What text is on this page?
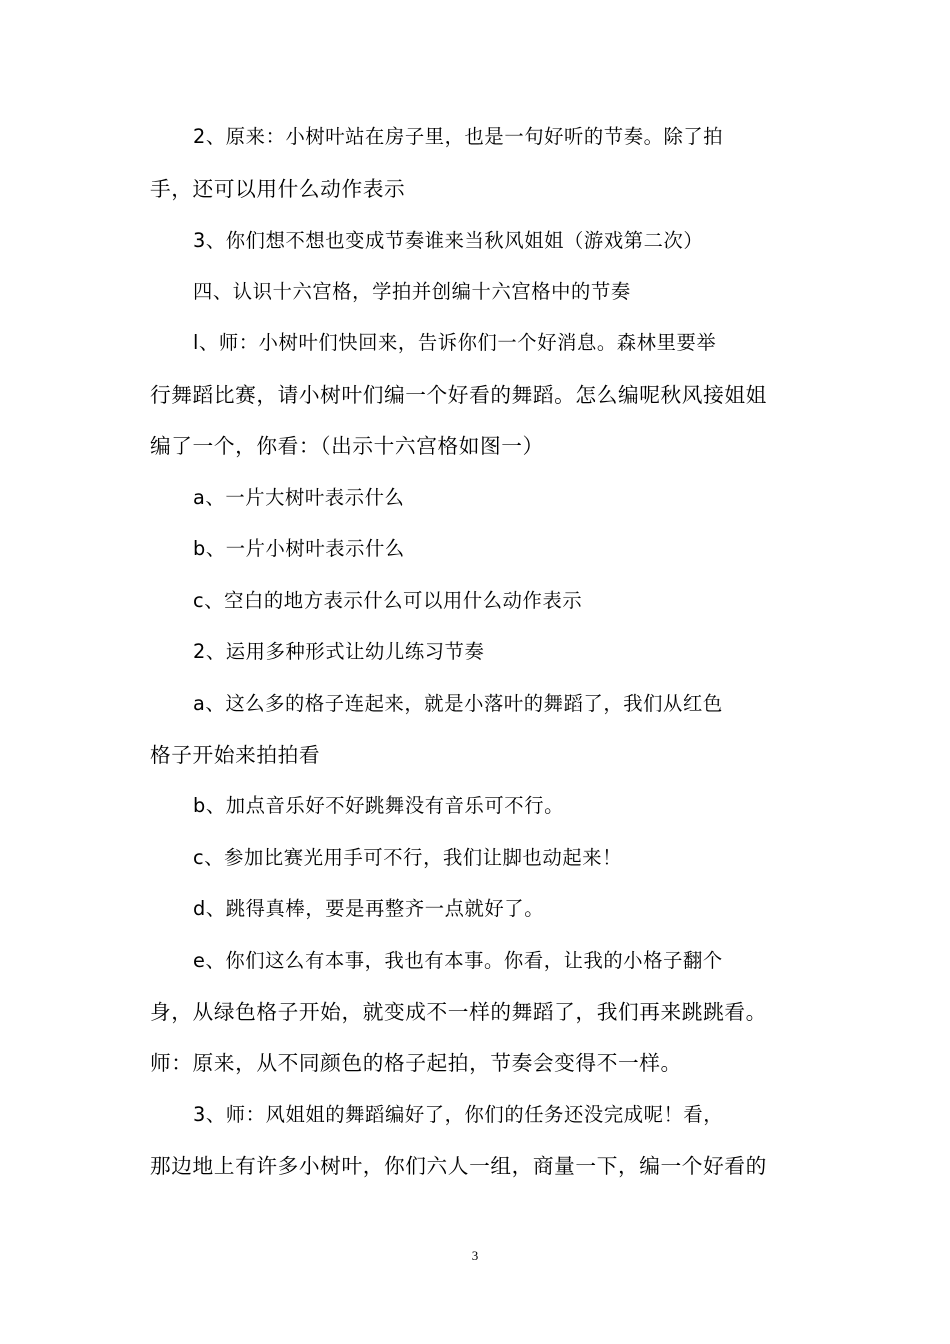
2、原来：小树叶站在房子里，也是一句好听的节奏。除了拍
手，还可以用什么动作表示
3、你们想不想也变成节奏谁来当秋风姐姐（游戏第二次）
四、认识十六宫格，学拍并创编十六宫格中的节奏
l、师：小树叶们快回来，告诉你们一个好消息。森林里要举
行舞蹈比赛，请小树叶们编一个好看的舞蹈。怎么编呢秋风接姐姐
编了一个，你看：（出示十六宫格如图一）
a、一片大树叶表示什么
b、一片小树叶表示什么
c、空白的地方表示什么可以用什么动作表示
2、运用多种形式让幼儿练习节奏
a、这么多的格子连起来，就是小落叶的舞蹈了，我们从红色
格子开始来拍拍看
b、加点音乐好不好跳舞没有音乐可不行。
c、参加比赛光用手可不行，我们让脚也动起来！
d、跳得真棒，要是再整齐一点就好了。
e、你们这么有本事，我也有本事。你看，让我的小格子翻个
身，从绿色格子开始，就变成不一样的舞蹈了，我们再来跳跳看。
师：原来，从不同颜色的格子起拍，节奏会变得不一样。
3、师：风姐姐的舞蹈编好了，你们的任务还没完成呢！看，
那边地上有许多小树叶，你们六人一组，商量一下，编一个好看的
3
